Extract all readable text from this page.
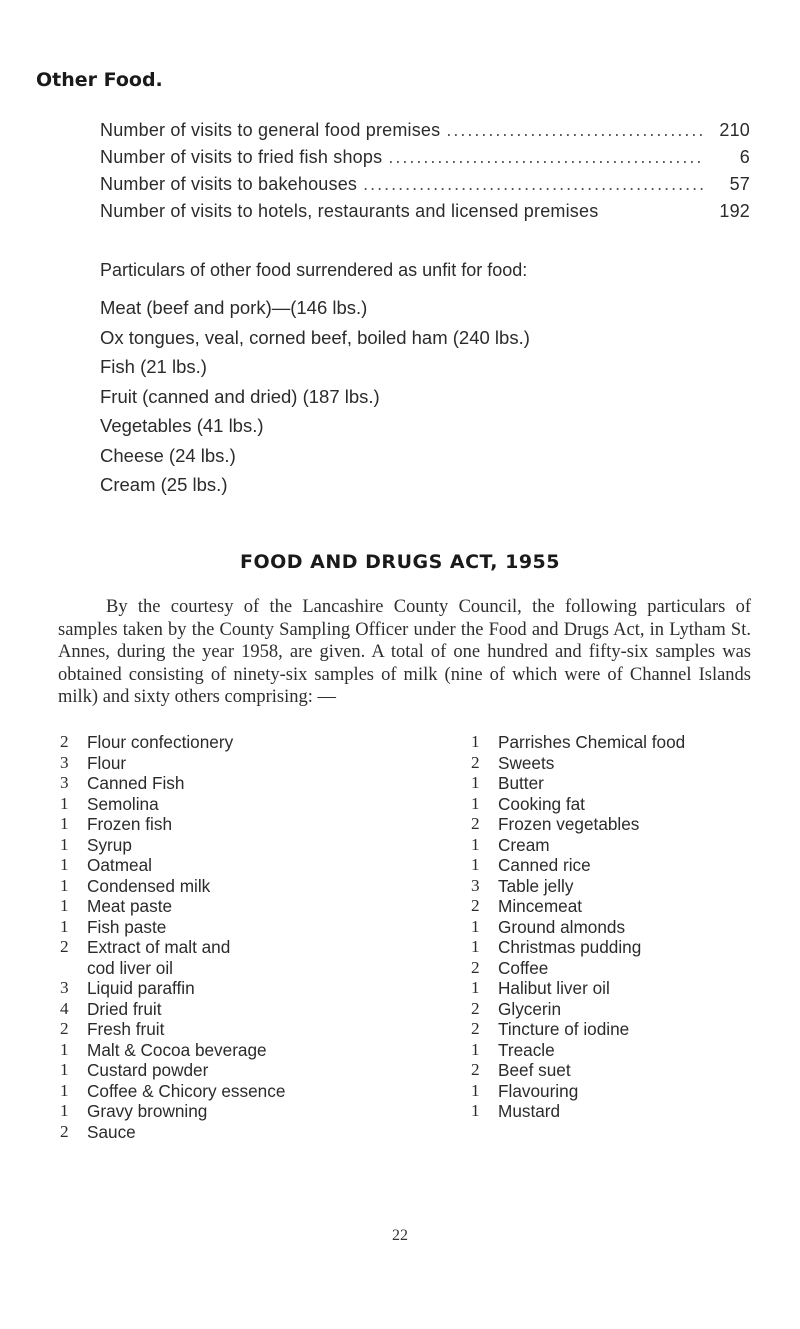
Other Food.
Number of visits to general food premises .....	210
Number of visits to fried fish shops .....	6
Number of visits to bakehouses .....	57
Number of visits to hotels, restaurants and licensed premises	192
Particulars of other food surrendered as unfit for food:
Meat (beef and pork)—(146 lbs.)
Ox tongues, veal, corned beef, boiled ham (240 lbs.)
Fish (21 lbs.)
Fruit (canned and dried) (187 lbs.)
Vegetables (41 lbs.)
Cheese (24 lbs.)
Cream (25 lbs.)
FOOD AND DRUGS ACT, 1955
By the courtesy of the Lancashire County Council, the following particulars of samples taken by the County Sampling Officer under the Food and Drugs Act, in Lytham St. Annes, during the year 1958, are given. A total of one hundred and fifty-six samples was obtained consisting of ninety-six samples of milk (nine of which were of Channel Islands milk) and sixty others comprising: —
2	Flour confectionery
3	Flour
3	Canned Fish
1	Semolina
1	Frozen fish
1	Syrup
1	Oatmeal
1	Condensed milk
1	Meat paste
1	Fish paste
2	Extract of malt and
cod liver oil
3	Liquid paraffin
4	Dried fruit
2	Fresh fruit
1	Malt & Cocoa beverage
1	Custard powder
1	Coffee & Chicory essence
1	Gravy browning
2	Sauce
1	Parrishes Chemical food
2	Sweets
1	Butter
1	Cooking fat
2	Frozen vegetables
1	Cream
1	Canned rice
3	Table jelly
2	Mincemeat
1	Ground almonds
1	Christmas pudding
2	Coffee
1	Halibut liver oil
2	Glycerin
2	Tincture of iodine
1	Treacle
2	Beef suet
1	Flavouring
1	Mustard
22
